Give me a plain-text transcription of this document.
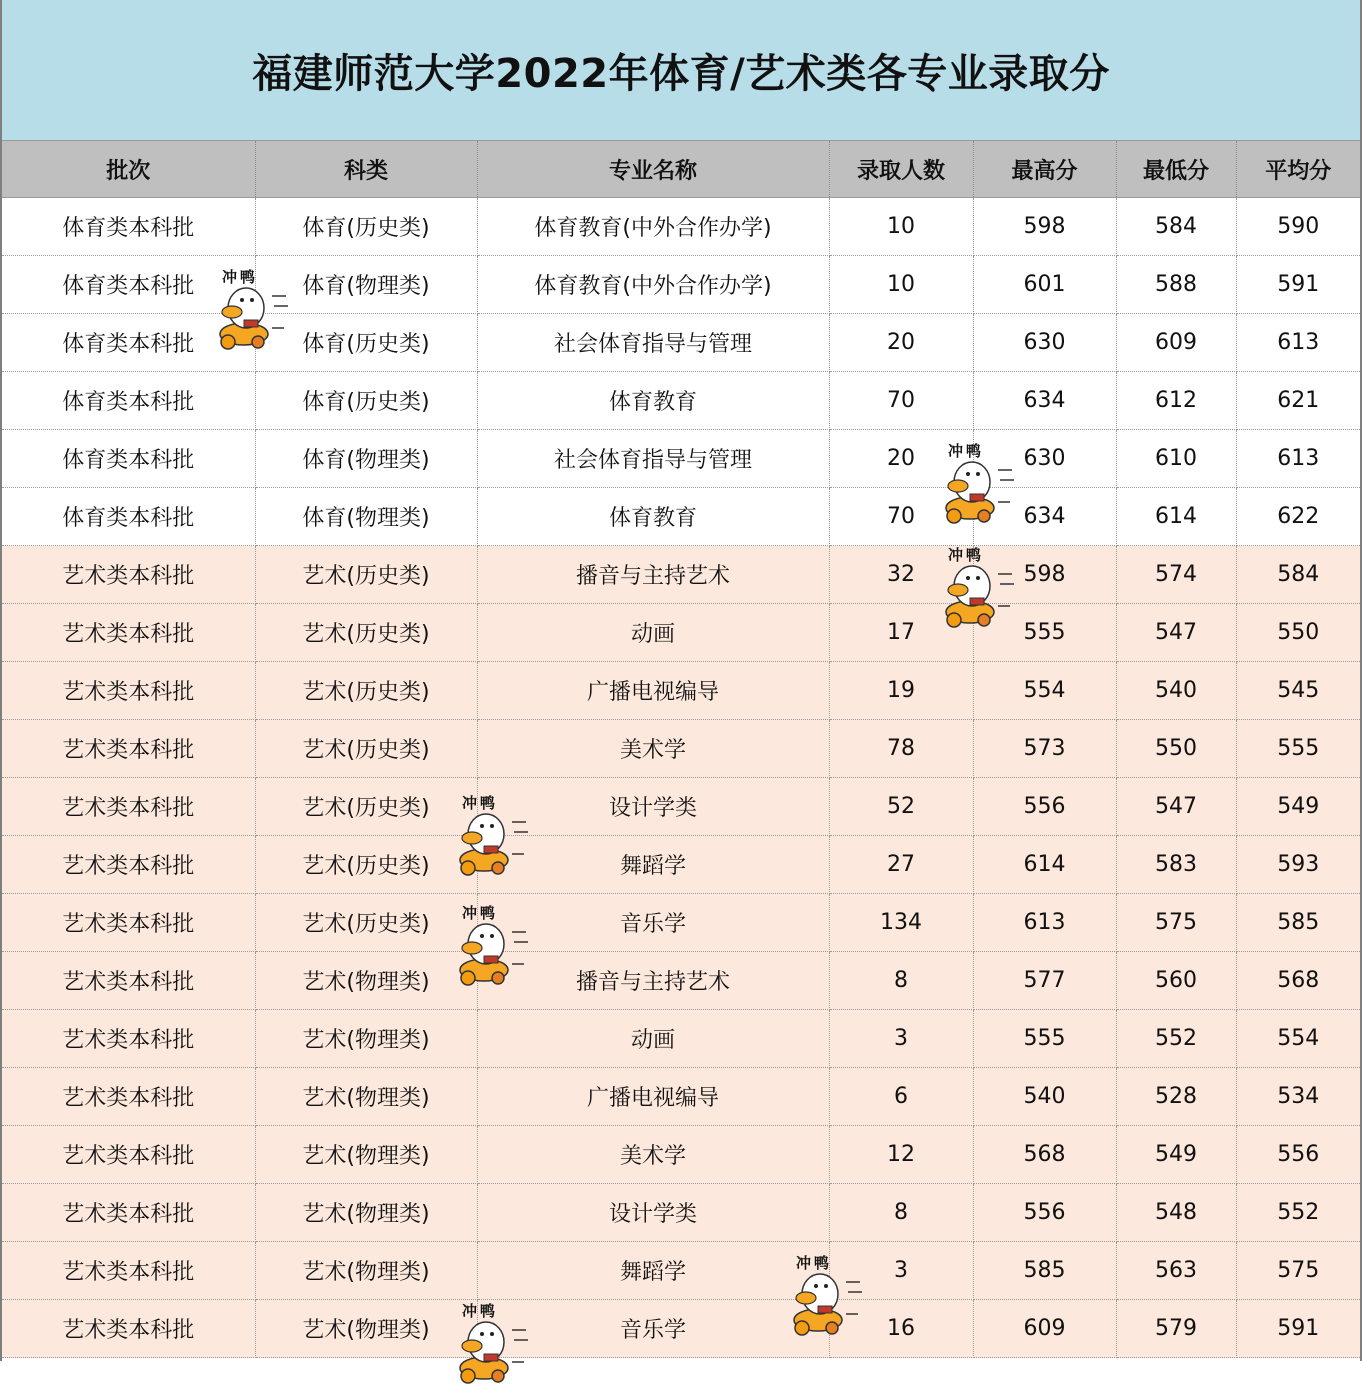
福建师范大学2022年体育/艺术类各专业录取分
批次	科类	专业名称	录取人数	最高分	最低分	平均分
体育类本科批	体育(历史类)	体育教育(中外合作办学)	10	598	584	590
体育类本科批	体育(物理类)	体育教育(中外合作办学)	10	601	588	591
体育类本科批	体育(历史类)	社会体育指导与管理	20	630	609	613
体育类本科批	体育(历史类)	体育教育	70	634	612	621
体育类本科批	体育(物理类)	社会体育指导与管理	20	630	610	613
体育类本科批	体育(物理类)	体育教育	70	634	614	622
艺术类本科批	艺术(历史类)	播音与主持艺术	32	598	574	584
艺术类本科批	艺术(历史类)	动画	17	555	547	550
艺术类本科批	艺术(历史类)	广播电视编导	19	554	540	545
艺术类本科批	艺术(历史类)	美术学	78	573	550	555
艺术类本科批	艺术(历史类)	设计学类	52	556	547	549
艺术类本科批	艺术(历史类)	舞蹈学	27	614	583	593
艺术类本科批	艺术(历史类)	音乐学	134	613	575	585
艺术类本科批	艺术(物理类)	播音与主持艺术	8	577	560	568
艺术类本科批	艺术(物理类)	动画	3	555	552	554
艺术类本科批	艺术(物理类)	广播电视编导	6	540	528	534
艺术类本科批	艺术(物理类)	美术学	12	568	549	556
艺术类本科批	艺术(物理类)	设计学类	8	556	548	552
艺术类本科批	艺术(物理类)	舞蹈学	3	585	563	575
艺术类本科批	艺术(物理类)	音乐学	16	609	579	591
冲鸭
冲鸭
冲鸭
冲鸭
冲鸭
冲鸭
冲鸭
